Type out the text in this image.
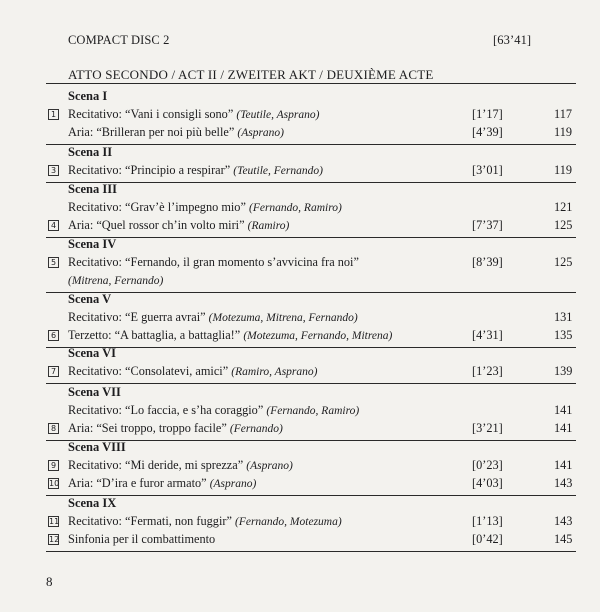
COMPACT DISC 2	[63’41]
ATTO SECONDO / ACT II / ZWEITER AKT / DEUXIÈME ACTE
Scena I
1 Recitativo: “Vani i consigli sono” (Teutile, Asprano)	[1’17]	117
Aria: “Brilleran per noi più belle” (Asprano)	[4’39]	119
Scena II
3 Recitativo: “Principio a respirar” (Teutile, Fernando)	[3’01]	119
Scena III
Recitativo: “Grav’è l’impegno mio” (Fernando, Ramiro)	121
4 Aria: “Quel rossor ch’in volto miri” (Ramiro)	[7’37]	125
Scena IV
5 Recitativo: “Fernando, il gran momento s’avvicina fra noi”	[8’39]	125
(Mitrena, Fernando)
Scena V
Recitativo: “E guerra avrai” (Motezuma, Mitrena, Fernando)	131
6 Terzetto: “A battaglia, a battaglia!” (Motezuma, Fernando, Mitrena)	[4’31]	135
Scena VI
7 Recitativo: “Consolatevi, amici” (Ramiro, Asprano)	[1’23]	139
Scena VII
Recitativo: “Lo faccia, e s’ha coraggio” (Fernando, Ramiro)	141
8 Aria: “Sei troppo, troppo facile” (Fernando)	[3’21]	141
Scena VIII
9 Recitativo: “Mi deride, mi sprezza” (Asprano)	[0’23]	141
10 Aria: “D’ira e furor armato” (Asprano)	[4’03]	143
Scena IX
11 Recitativo: “Fermati, non fuggir” (Fernando, Motezuma)	[1’13]	143
12 Sinfonia per il combattimento	[0’42]	145
8
